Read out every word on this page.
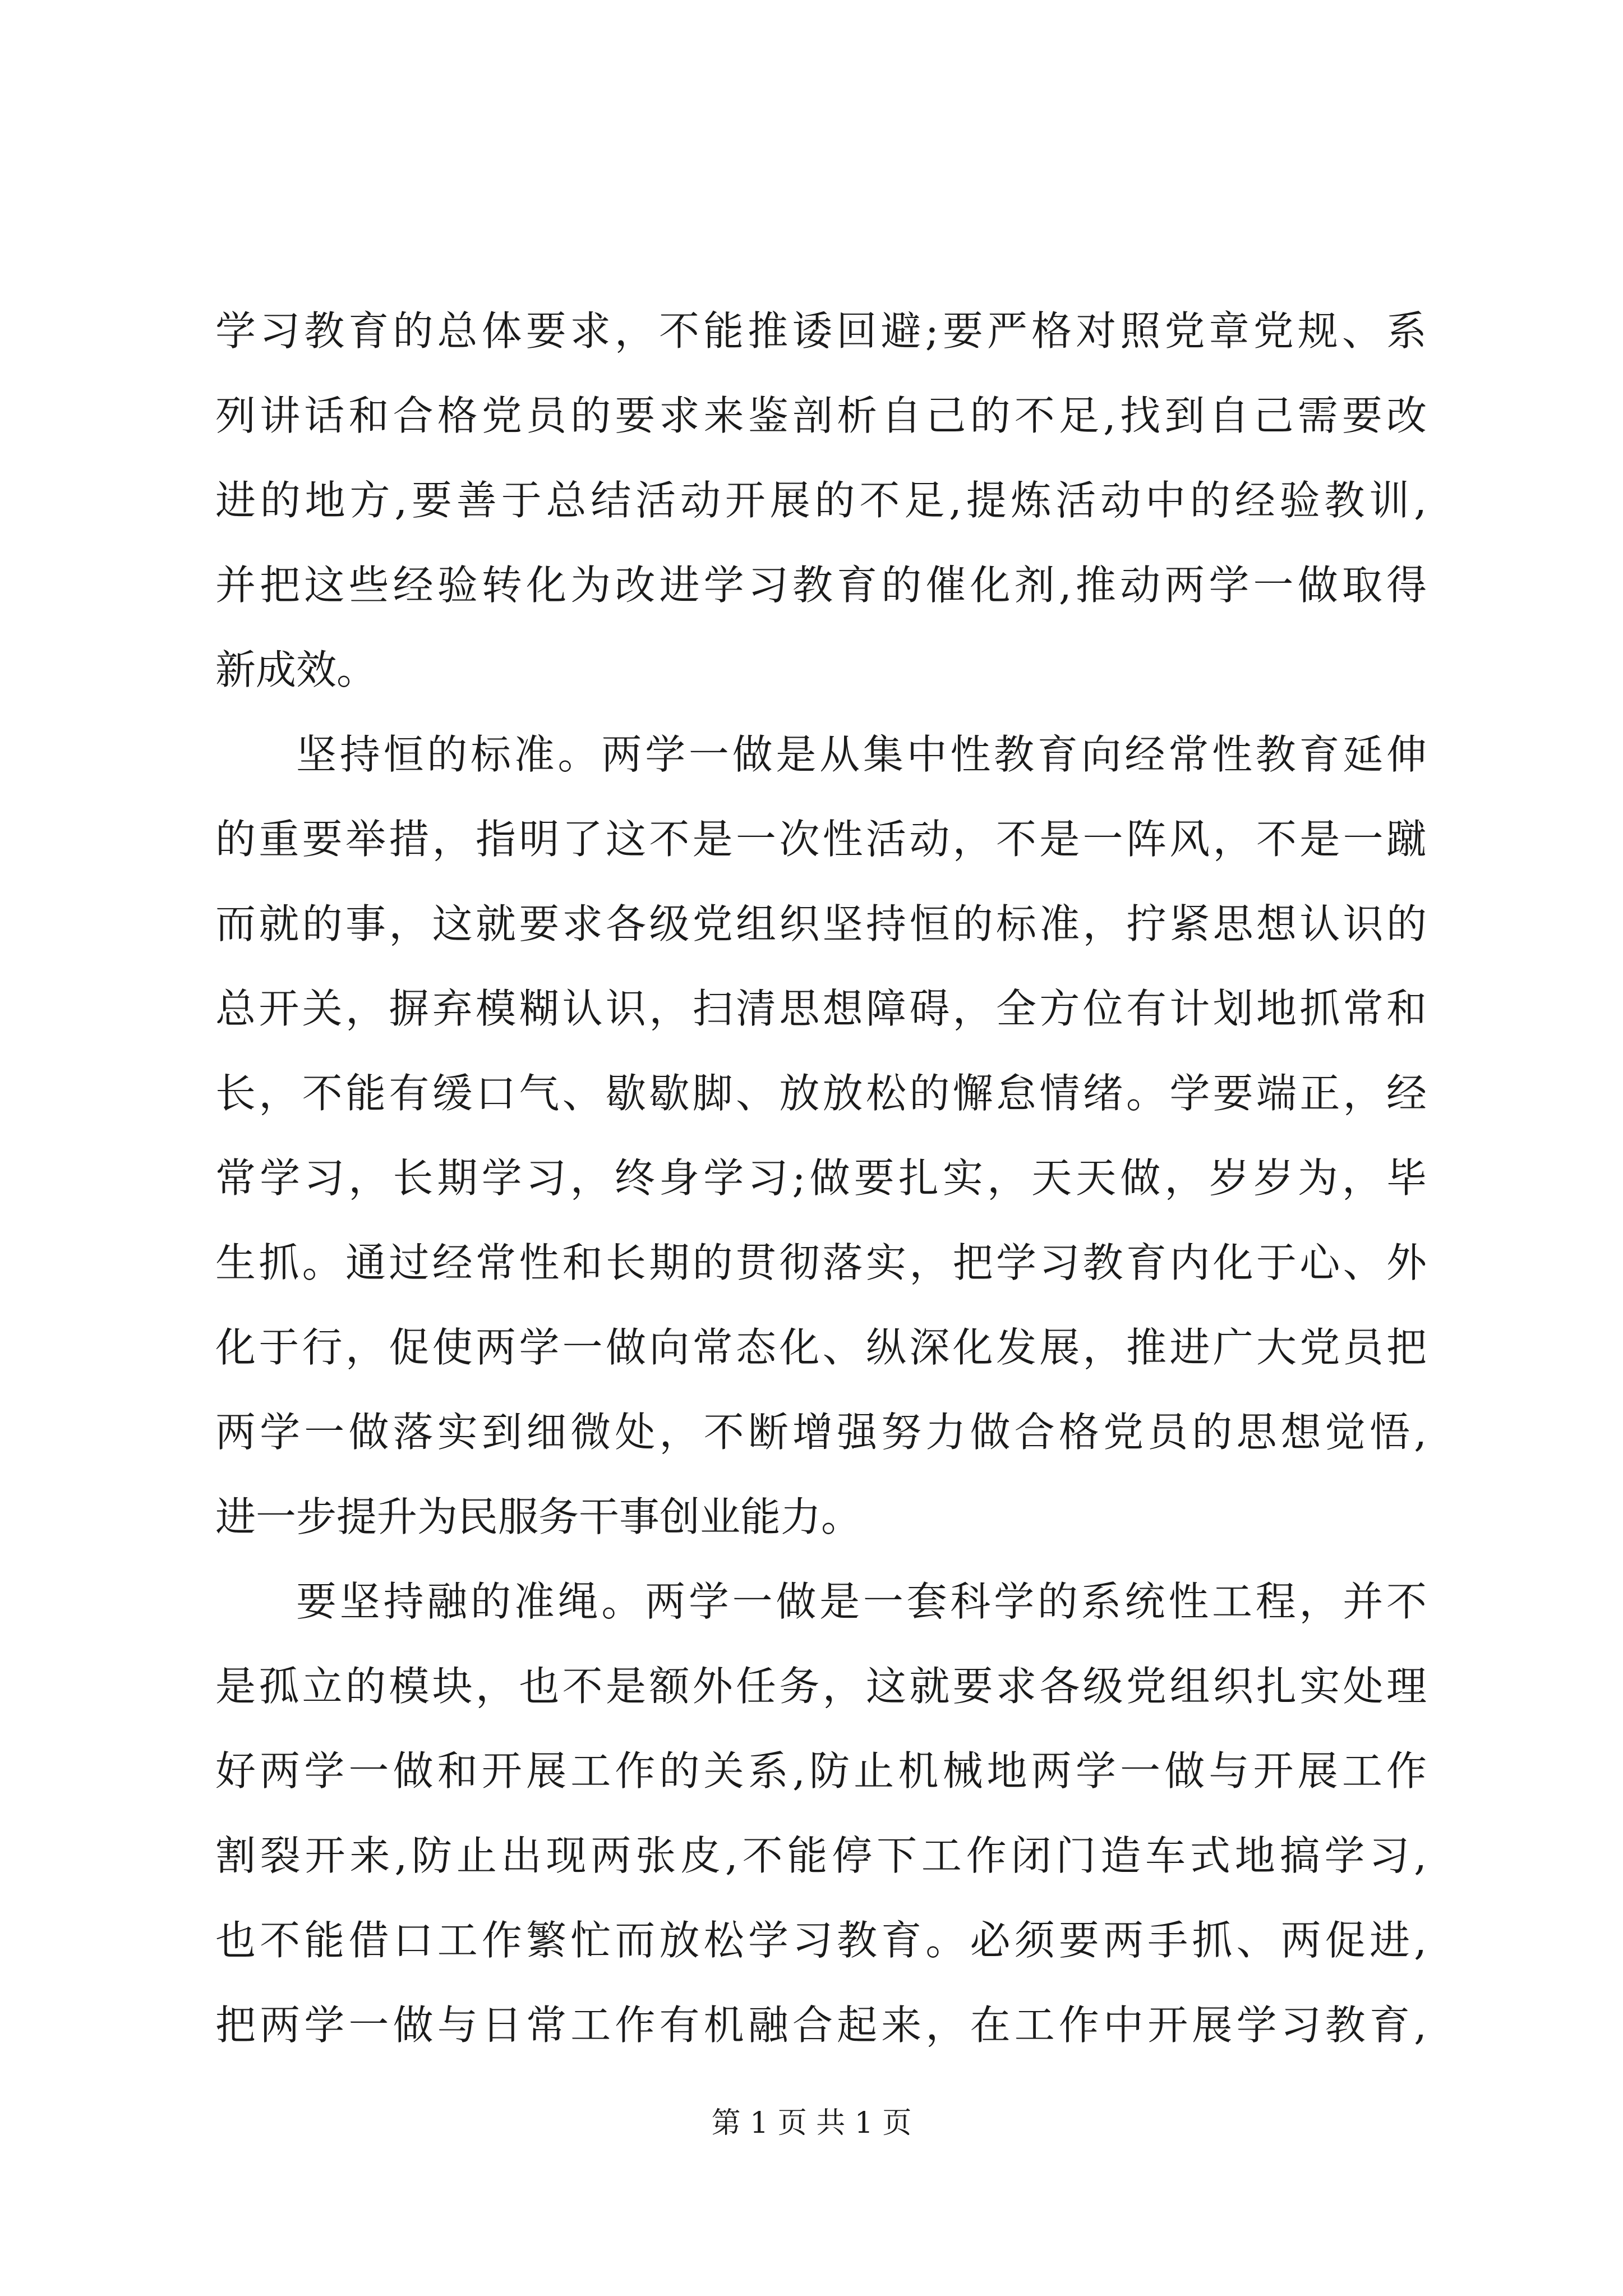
学习教育的总体要求，不能推诿回避;要严格对照党章党规、系
列讲话和合格党员的要求来鉴剖析自己的不足,找到自己需要改
进的地方,要善于总结活动开展的不足,提炼活动中的经验教训,
并把这些经验转化为改进学习教育的催化剂,推动两学一做取得
新成效。
坚持恒的标准。两学一做是从集中性教育向经常性教育延伸
的重要举措，指明了这不是一次性活动，不是一阵风，不是一蹴
而就的事，这就要求各级党组织坚持恒的标准，拧紧思想认识的
总开关，摒弃模糊认识，扫清思想障碍，全方位有计划地抓常和
长，不能有缓口气、歇歇脚、放放松的懈怠情绪。学要端正，经
常学习，长期学习，终身学习;做要扎实，天天做，岁岁为，毕
生抓。通过经常性和长期的贯彻落实，把学习教育内化于心、外
化于行，促使两学一做向常态化、纵深化发展，推进广大党员把
两学一做落实到细微处，不断增强努力做合格党员的思想觉悟,
进一步提升为民服务干事创业能力。
要坚持融的准绳。两学一做是一套科学的系统性工程，并不
是孤立的模块，也不是额外任务，这就要求各级党组织扎实处理
好两学一做和开展工作的关系,防止机械地两学一做与开展工作
割裂开来,防止出现两张皮,不能停下工作闭门造车式地搞学习,
也不能借口工作繁忙而放松学习教育。必须要两手抓、两促进,
把两学一做与日常工作有机融合起来，在工作中开展学习教育,
第 1 页 共 1 页
